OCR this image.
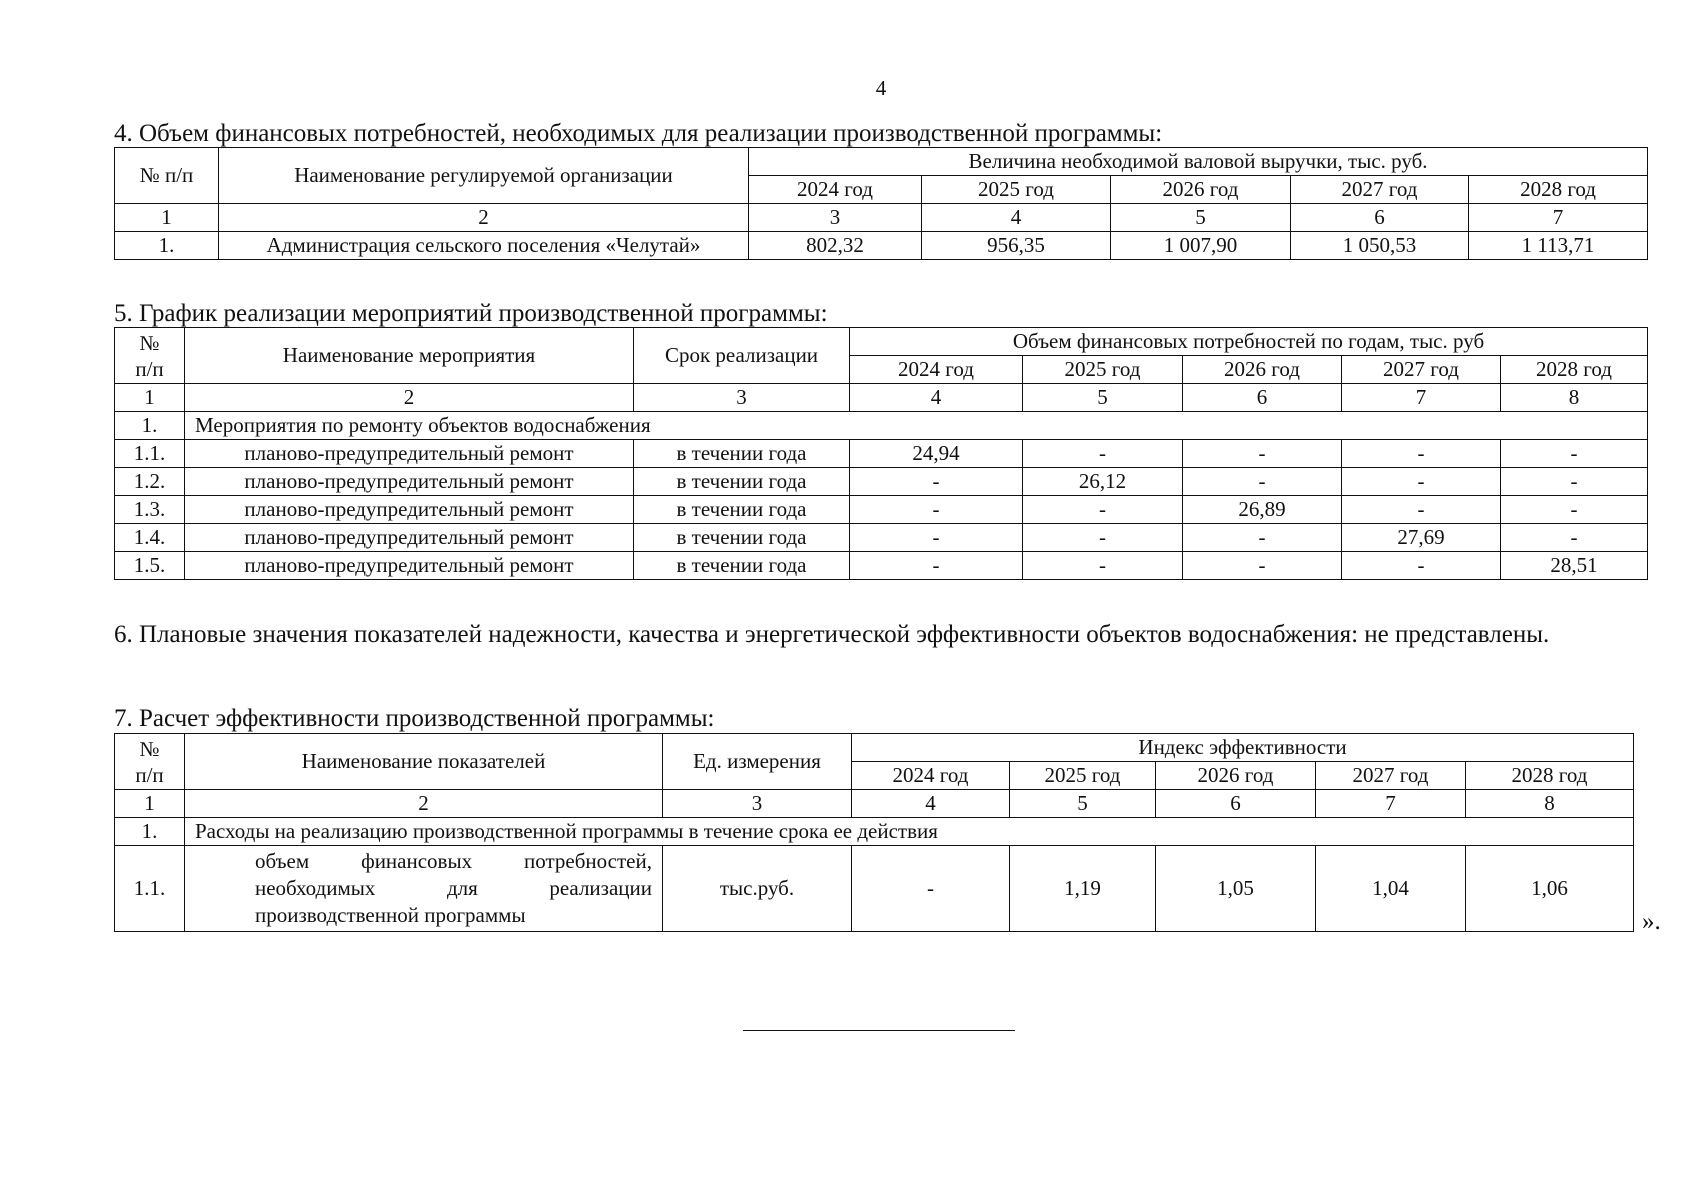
4
4. Объем финансовых потребностей, необходимых для реализации производственной программы:
№ п/п	Наименование регулируемой организации	Величина необходимой валовой выручки, тыс. руб.				
		2024 год	2025 год	2026 год	2027 год	2028 год
1	2	3	4	5	6	7
1.	Администрация сельского поселения «Челутай»	802,32	956,35	1 007,90	1 050,53	1 113,71
5. График реализации мероприятий производственной программы:
№
п/п	Наименование мероприятия	Срок реализации	Объем финансовых потребностей по годам, тыс. руб				
			2024 год	2025 год	2026 год	2027 год	2028 год
1	2	3	4	5	6	7	8
1.	Мероприятия по ремонту объектов водоснабжения						
1.1.	планово-предупредительный ремонт	в течении года	24,94	-	-	-	-
1.2.	планово-предупредительный ремонт	в течении года	-	26,12	-	-	-
1.3.	планово-предупредительный ремонт	в течении года	-	-	26,89	-	-
1.4.	планово-предупредительный ремонт	в течении года	-	-	-	27,69	-
1.5.	планово-предупредительный ремонт	в течении года	-	-	-	-	28,51
6. Плановые значения показателей надежности, качества и энергетической эффективности объектов водоснабжения: не представлены.
7. Расчет эффективности производственной программы:
№
п/п	Наименование показателей	Ед. измерения	Индекс эффективности				
			2024 год	2025 год	2026 год	2027 год	2028 год
1	2	3	4	5	6	7	8
1.	Расходы на реализацию производственной программы в течение срока ее действия						
1.1.	объем финансовых потребностей, необходимых для реализации производственной программы	тыс.руб.	-	1,19	1,05	1,04	1,06
».
